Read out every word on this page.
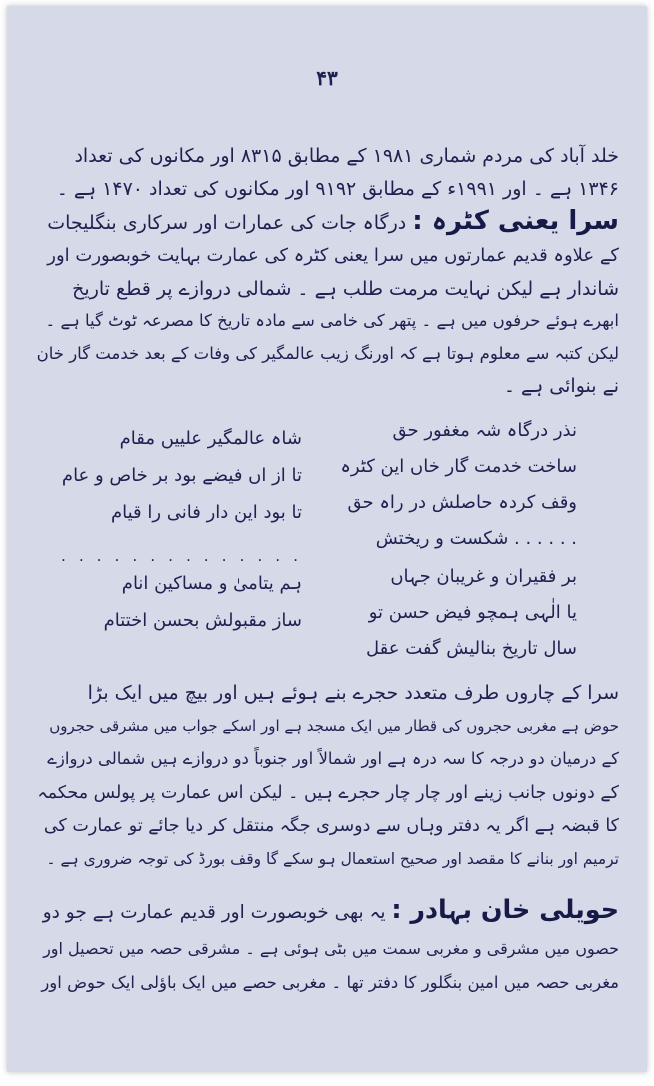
۴۳
خلد آباد کی مردم شماری ۱۹۸۱ کے مطابق ۸۳۱۵ اور مکانوں کی تعداد
۱۳۴۶ ہے ۔ اور ۱۹۹۱ء کے مطابق ۹۱۹۲ اور مکانوں کی تعداد ۱۴۷۰ ہے ۔
سرا یعنی کٹرہ : درگاہ جات کی عمارات اور سرکاری بنگلیجات
کے علاوہ قدیم عمارتوں میں سرا یعنی کٹرہ کی عمارت بہایت خوبصورت اور
شاندار ہے لیکن نہایت مرمت طلب ہے ۔ شمالی دروازے پر قطع تاریخ
ابھرے ہوئے حرفوں میں ہے ۔ پتھر کی خامی سے مادہ تاریخ کا مصرعہ ٹوٹ گیا ہے ۔
لیکن کتبہ سے معلوم ہوتا ہے کہ اورنگ زیب عالمگیر کی وفات کے بعد خدمت گار خان
نے بنوائی ہے ۔
نذر درگاہ شہ مغفور حق
ساخت خدمت گار خاں این کٹرہ
وقف کردہ حاصلش در راہ حق
. . . . . . شکست و ریختش
بر فقیران و غریبان جہاں
یا الٰہی ہمچو فیض حسن تو
سال تاریخ بنالیش گفت عقل
شاہ عالمگیر علییں مقام
تا از اں فیضے بود بر خاص و عام
تا بود این دار فانی را قیام
. . . . . . . . . . . . . .
ہم یتامیٰ و مساکین انام
ساز مقبولش بحسن اختتام
سرا کے چاروں طرف متعدد حجرے بنے ہوئے ہیں اور بیچ میں ایک بڑا
حوض ہے مغربی حجروں کی قطار میں ایک مسجد ہے اور اسکے جواب میں مشرقی حجروں
کے درمیان دو درجہ کا سہ درہ ہے اور شمالاً اور جنوباً دو دروازے ہیں شمالی دروازے
کے دونوں جانب زینے اور چار چار حجرے ہیں ۔ لیکن اس عمارت پر پولس محکمہ
کا قبضہ ہے اگر یہ دفتر وہاں سے دوسری جگہ منتقل کر دیا جائے تو عمارت کی
ترمیم اور بنانے کا مقصد اور صحیح استعمال ہو سکے گا وقف بورڈ کی توجہ ضروری ہے ۔
حویلی خان بہادر : یہ بھی خوبصورت اور قدیم عمارت ہے جو دو
حصوں میں مشرقی و مغربی سمت میں بٹی ہوئی ہے ۔ مشرقی حصہ میں تحصیل اور
مغربی حصہ میں امین بنگلور کا دفتر تھا ۔ مغربی حصے میں ایک باؤلی ایک حوض اور
